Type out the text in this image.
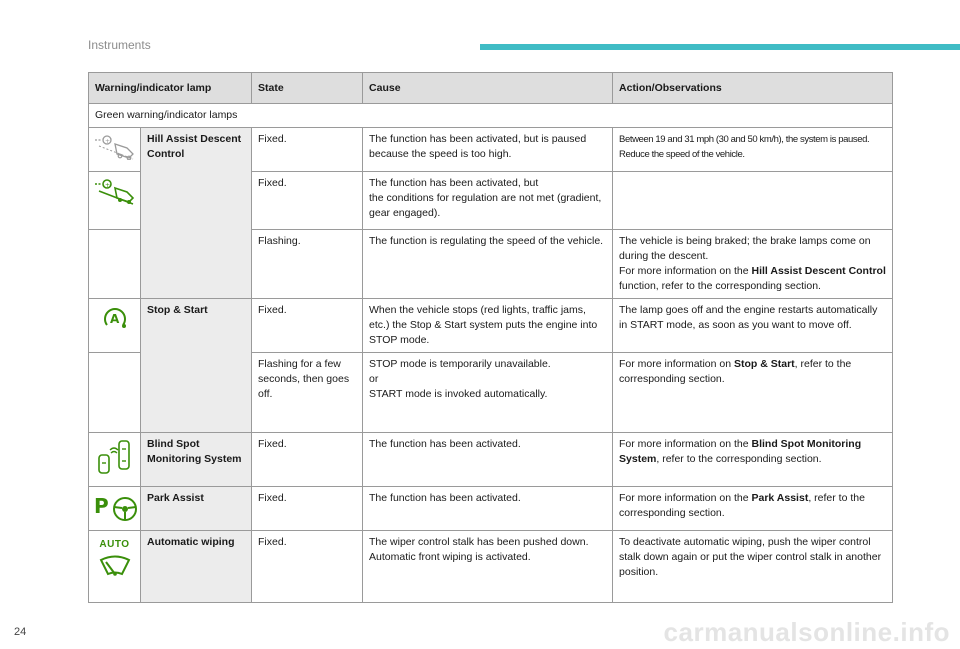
Instruments
Warning/indicator lamp		State	Cause	Action/Observations
Green warning/indicator lamps				

+	Hill Assist Descent Control	Fixed.	The function has been activated, but is paused because the speed is too high.	Between 19 and 31 mph (30 and 50 km/h), the system is paused. Reduce the speed of the vehicle.

+		Fixed.	The function has been activated, but
the conditions for regulation are not met (gradient, gear engaged).	
		Flashing.	The function is regulating the speed of the vehicle.	The vehicle is being braked; the brake lamps come on during the descent.
For more information on the Hill Assist Descent Control function, refer to the corresponding section.

A	Stop & Start	Fixed.	When the vehicle stops (red lights, traffic jams, etc.) the Stop & Start system puts the engine into STOP mode.	The lamp goes off and the engine restarts automatically in START mode, as soon as you want to move off.
		Flashing for a few seconds, then goes off.	STOP mode is temporarily unavailable.
or
START mode is invoked automatically.	For more information on Stop & Start, refer to the corresponding section.

	Blind Spot Monitoring System	Fixed.	The function has been activated.	For more information on the Blind Spot Monitoring System, refer to the corresponding section.

P	Park Assist	Fixed.	The function has been activated.	For more information on the Park Assist, refer to the corresponding section.

AUTO	Automatic wiping	Fixed.	The wiper control stalk has been pushed down.
Automatic front wiping is activated.	To deactivate automatic wiping, push the wiper control stalk down again or put the wiper control stalk in another position.
24	carmanualsonline.info
